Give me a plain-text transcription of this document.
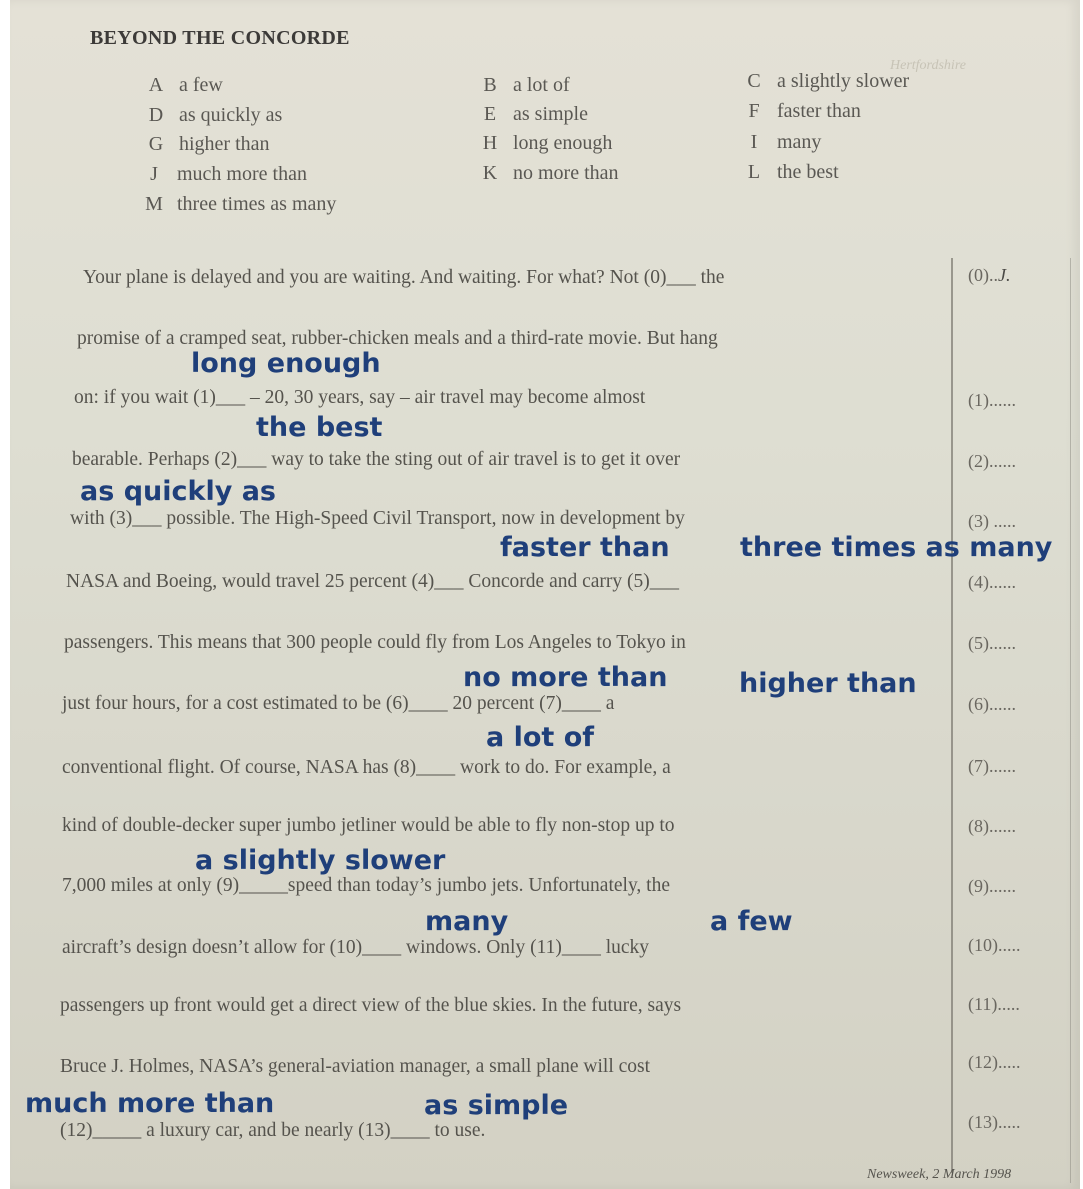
Hertfordshire
BEYOND THE CONCORDE
A a few	B a lot of	C a slightly slower
D as quickly as	E as simple	F faster than
G higher than	H long enough	I many
J much more than	K no more than	L the best
M three times as many
Your plane is delayed and you are waiting. And waiting. For what? Not (0)___ the
promise of a cramped seat, rubber-chicken meals and a third-rate movie. But hang
on: if you wait (1)___ – 20, 30 years, say – air travel may become almost
bearable. Perhaps (2)___ way to take the sting out of air travel is to get it over
with (3)___ possible. The High-Speed Civil Transport, now in development by
NASA and Boeing, would travel 25 percent (4)___ Concorde and carry (5)___
passengers. This means that 300 people could fly from Los Angeles to Tokyo in
just four hours, for a cost estimated to be (6)____ 20 percent (7)____ a
conventional flight. Of course, NASA has (8)____ work to do. For example, a
kind of double-decker super jumbo jetliner would be able to fly non-stop up to
7,000 miles at only (9)_____speed than today’s jumbo jets. Unfortunately, the
aircraft’s design doesn’t allow for (10)____ windows. Only (11)____ lucky
passengers up front would get a direct view of the blue skies. In the future, says
Bruce J. Holmes, NASA’s general-aviation manager, a small plane will cost
(12)_____ a luxury car, and be nearly (13)____ to use.
(0)..J.
(1)......
(2)......
(3) .....
(4)......
(5)......
(6)......
(7)......
(8)......
(9)......
(10).....
(11).....
(12).....
(13).....
Newsweek, 2 March 1998
long enough
the best
as quickly as
faster than	three times as many
no more than	higher than
a lot of
a slightly slower
many	a few
much more than	as simple
